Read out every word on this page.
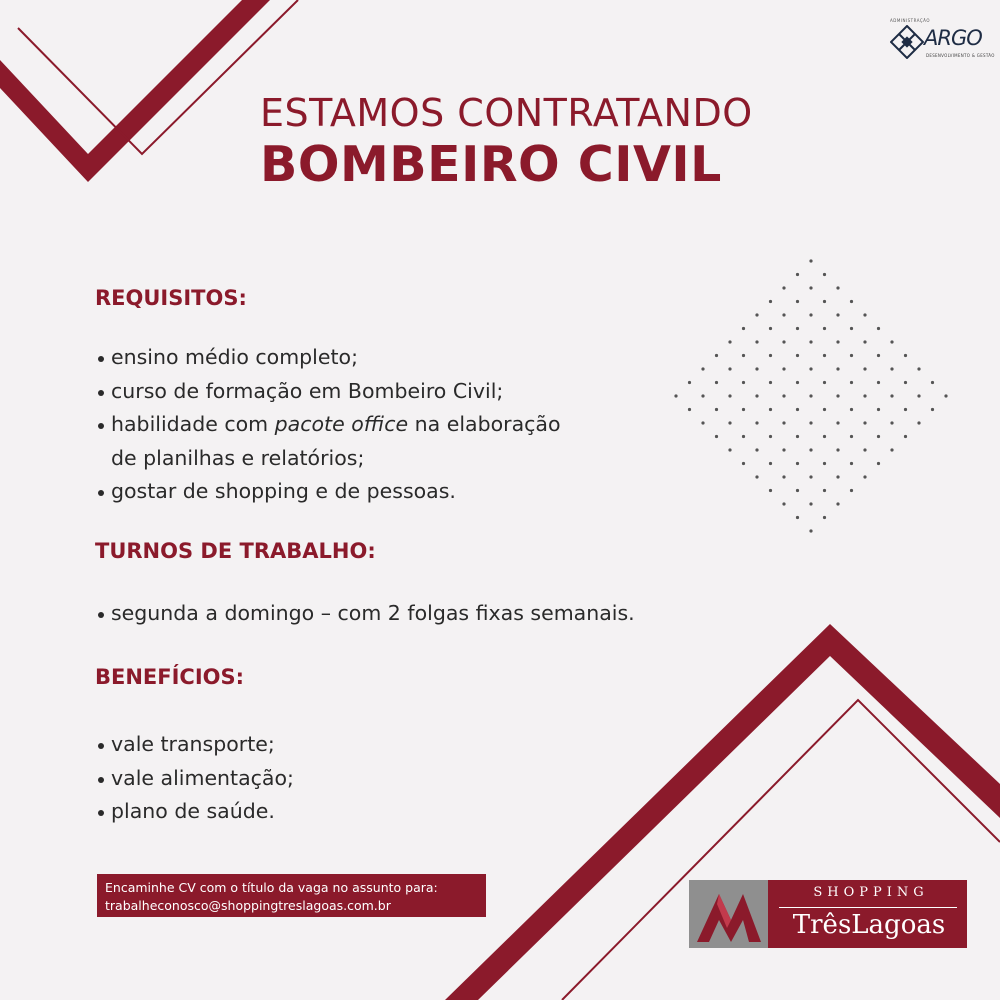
ADMINISTRAÇÃO
ARGO
DESENVOLVIMENTO & GESTÃO
ESTAMOS CONTRATANDO
BOMBEIRO CIVIL
REQUISITOS:
ensino médio completo;
curso de formação em Bombeiro Civil;
habilidade com pacote office na elaboração
de planilhas e relatórios;
gostar de shopping e de pessoas.
TURNOS DE TRABALHO:
segunda a domingo – com 2 folgas fixas semanais.
BENEFÍCIOS:
vale transporte;
vale alimentação;
plano de saúde.
Encaminhe CV com o título da vaga no assunto para:
trabalheconosco@shoppingtreslagoas.com.br
SHOPPING
TrêsLagoas
